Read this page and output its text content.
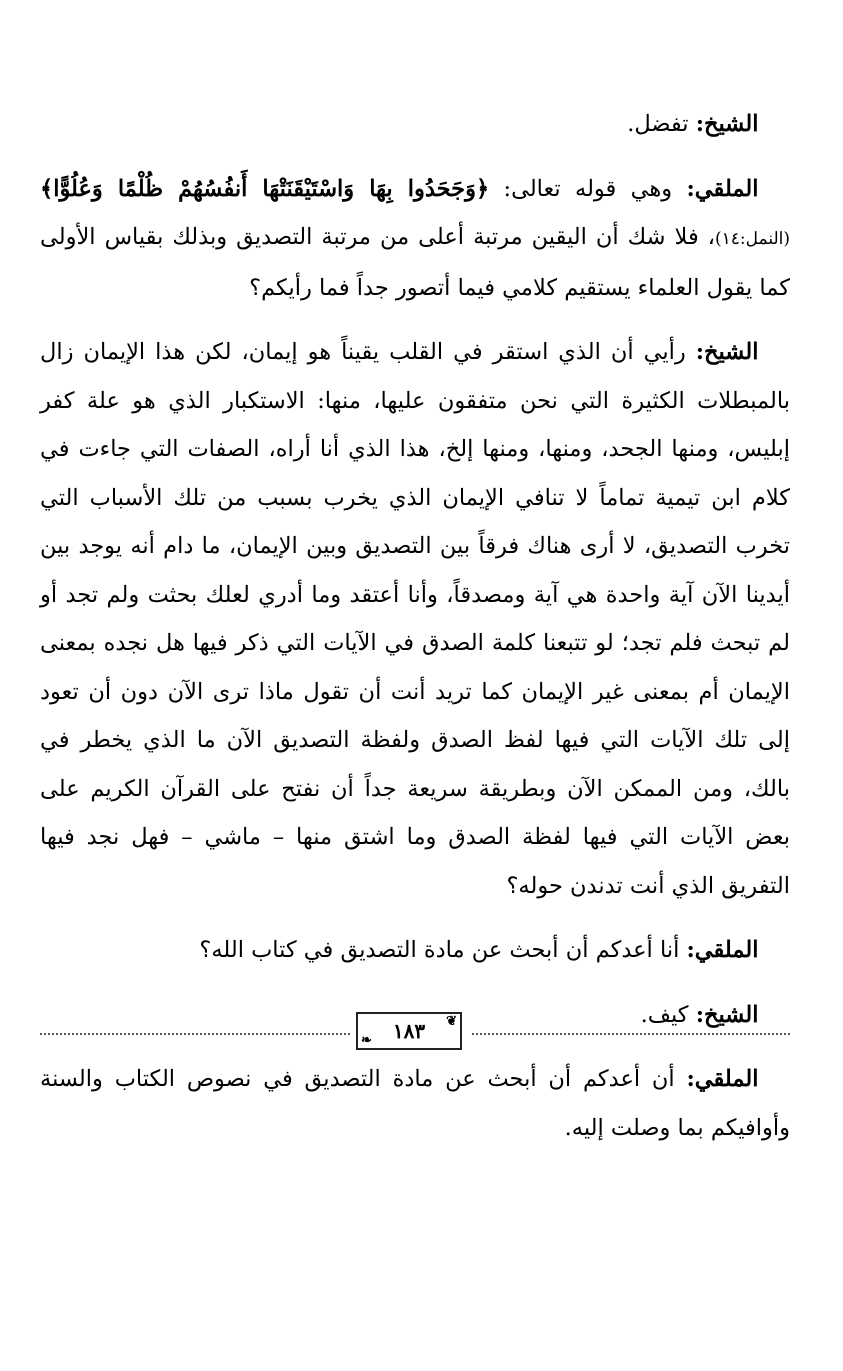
الشيخ: تفضل.

الملقي: وهي قوله تعالى: ﴿وَجَحَدُوا بِهَا وَاسْتَيْقَنَتْهَا أَنفُسُهُمْ ظُلْمًا وَعُلُوًّا﴾(النمل:١٤)، فلا شك أن اليقين مرتبة أعلى من مرتبة التصديق وبذلك بقياس الأولى كما يقول العلماء يستقيم كلامي فيما أتصور جداً فما رأيكم؟

الشيخ: رأيي أن الذي استقر في القلب يقيناً هو إيمان، لكن هذا الإيمان زال بالمبطلات الكثيرة التي نحن متفقون عليها، منها: الاستكبار الذي هو علة كفر إبليس، ومنها الجحد، ومنها، ومنها إلخ، هذا الذي أنا أراه، الصفات التي جاءت في كلام ابن تيمية تماماً لا تنافي الإيمان الذي يخرب بسبب من تلك الأسباب التي تخرب التصديق، لا أرى هناك فرقاً بين التصديق وبين الإيمان، ما دام أنه يوجد بين أيدينا الآن آية واحدة هي آية ومصدقاً، وأنا أعتقد وما أدري لعلك بحثت ولم تجد أو لم تبحث فلم تجد؛ لو تتبعنا كلمة الصدق في الآيات التي ذكر فيها هل نجده بمعنى الإيمان أم بمعنى غير الإيمان كما تريد أنت أن تقول ماذا ترى الآن دون أن تعود إلى تلك الآيات التي فيها لفظ الصدق ولفظة التصديق الآن ما الذي يخطر في بالك، ومن الممكن الآن وبطريقة سريعة جداً أن نفتح على القرآن الكريم على بعض الآيات التي فيها لفظة الصدق وما اشتق منها – ماشي – فهل نجد فيها التفريق الذي أنت تدندن حوله؟

الملقي: أنا أعدكم أن أبحث عن مادة التصديق في كتاب الله؟

الشيخ: كيف.

الملقي: أن أعدكم أن أبحث عن مادة التصديق في نصوص الكتاب والسنة وأوافيكم بما وصلت إليه.

❦
١٨٣
❧
